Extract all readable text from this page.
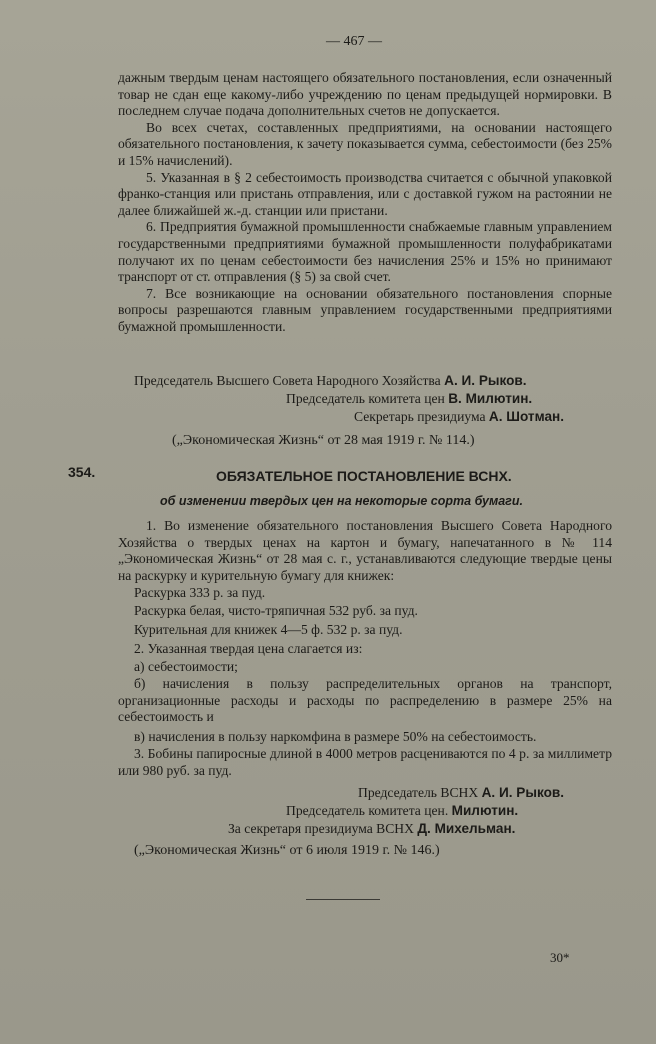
— 467 —

дажным твердым ценам настоящего обязательного постановления, если означенный товар не сдан еще какому-либо учреждению по ценам предыдущей нормировки. В последнем случае подача дополнительных счетов не допускается.

Во всех счетах, составленных предприятиями, на основании настоящего обязательного постановления, к зачету показывается сумма, себестоимости (без 25% и 15% начислений).

5. Указанная в § 2 себестоимость производства считается с обычной упаковкой франко-станция или пристань отправления, или с доставкой гужом на растоянии не далее ближайшей ж.-д. станции или пристани.

6. Предприятия бумажной промышленности снабжаемые главным управлением государственными предприятиями бумажной промышленности полуфабрикатами получают их по ценам себестоимости без начисления 25% и 15% но принимают транспорт от ст. отправления (§ 5) за свой счет.

7. Все возникающие на основании обязательного постановления спорные вопросы разрешаются главным управлением государственными предприятиями бумажной промышленности.

Председатель Высшего Совета Народного Хозяйства А. И. Рыков.
Председатель комитета цен В. Милютин.
Секретарь президиума А. Шотман.
(„Экономическая Жизнь“ от 28 мая 1919 г. № 114.)
354.	ОБЯЗАТЕЛЬНОЕ ПОСТАНОВЛЕНИЕ ВСНХ.
об изменении твердых цен на некоторые сорта бумаги.
1. Во изменение обязательного постановления Высшего Совета Народного Хозяйства о твердых ценах на картон и бумагу, напечатанного в № 114 „Экономическая Жизнь“ от 28 мая с. г., устанавливаются следующие твердые цены на раскурку и курительную бумагу для книжек:
Раскурка 333 р. за пуд.
Раскурка белая, чисто-тряпичная 532 руб. за пуд.
Курительная для книжек 4—5 ф. 532 р. за пуд.
2. Указанная твердая цена слагается из:
а) себестоимости;
б) начисления в пользу распределительных органов на транспорт, организационные расходы и расходы по распределению в размере 25% на себестоимость и
в) начисления в пользу наркомфина в размере 50% на себестоимость.
3. Бобины папиросные длиной в 4000 метров расцениваются по 4 р. за миллиметр или 980 руб. за пуд.
Председатель ВСНХ А. И. Рыков.
Председатель комитета цен. Милютин.
За секретаря президиума ВСНХ Д. Михельман.
(„Экономическая Жизнь“ от 6 июля 1919 г. № 146.)
30*
